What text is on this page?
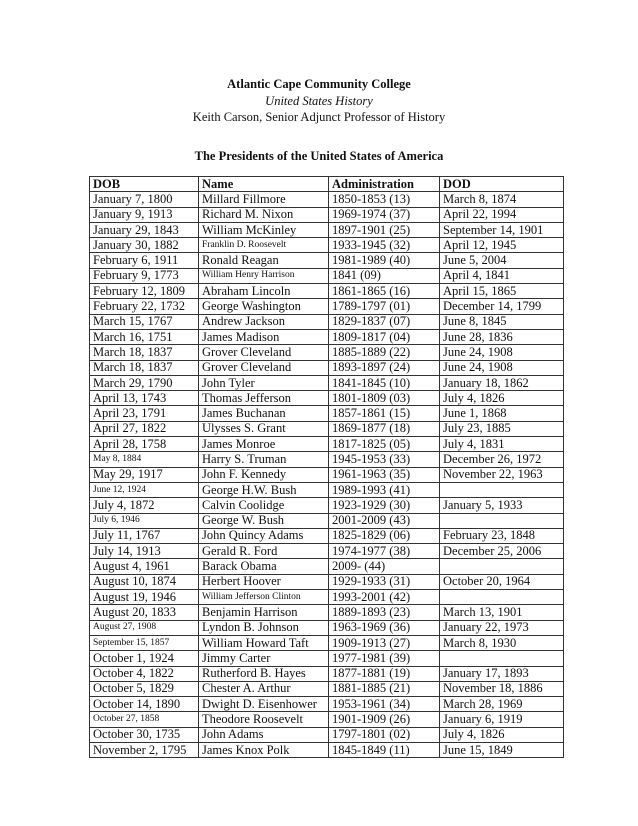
Atlantic Cape Community College
United States History
Keith Carson, Senior Adjunct Professor of History
The Presidents of the United States of America
DOB	Name	Administration	DOD
January 7, 1800	Millard Fillmore	1850-1853 (13)	March 8, 1874
January 9, 1913	Richard M. Nixon	1969-1974 (37)	April 22, 1994
January 29, 1843	William McKinley	1897-1901 (25)	September 14, 1901
January 30, 1882	Franklin D. Roosevelt	1933-1945 (32)	April 12, 1945
February 6, 1911	Ronald Reagan	1981-1989 (40)	June 5, 2004
February 9, 1773	William Henry Harrison	1841 (09)	April 4, 1841
February 12, 1809	Abraham Lincoln	1861-1865 (16)	April 15, 1865
February 22, 1732	George Washington	1789-1797 (01)	December 14, 1799
March 15, 1767	Andrew Jackson	1829-1837 (07)	June 8, 1845
March 16, 1751	James Madison	1809-1817 (04)	June 28, 1836
March 18, 1837	Grover Cleveland	1885-1889 (22)	June 24, 1908
March 18, 1837	Grover Cleveland	1893-1897 (24)	June 24, 1908
March 29, 1790	John Tyler	1841-1845 (10)	January 18, 1862
April 13, 1743	Thomas Jefferson	1801-1809 (03)	July 4, 1826
April 23, 1791	James Buchanan	1857-1861 (15)	June 1, 1868
April 27, 1822	Ulysses S. Grant	1869-1877 (18)	July 23, 1885
April 28, 1758	James Monroe	1817-1825 (05)	July 4, 1831
May 8, 1884	Harry S. Truman	1945-1953 (33)	December 26, 1972
May 29, 1917	John F. Kennedy	1961-1963 (35)	November 22, 1963
June 12, 1924	George H.W. Bush	1989-1993 (41)	
July 4, 1872	Calvin Coolidge	1923-1929 (30)	January 5, 1933
July 6, 1946	George W. Bush	2001-2009 (43)	
July 11, 1767	John Quincy Adams	1825-1829 (06)	February 23, 1848
July 14, 1913	Gerald R. Ford	1974-1977 (38)	December 25, 2006
August 4, 1961	Barack Obama	2009- (44)	
August 10, 1874	Herbert Hoover	1929-1933 (31)	October 20, 1964
August 19, 1946	William Jefferson Clinton	1993-2001 (42)	
August 20, 1833	Benjamin Harrison	1889-1893 (23)	March 13, 1901
August 27, 1908	Lyndon B. Johnson	1963-1969 (36)	January 22, 1973
September 15, 1857	William Howard Taft	1909-1913 (27)	March 8, 1930
October 1, 1924	Jimmy Carter	1977-1981 (39)	
October 4, 1822	Rutherford B. Hayes	1877-1881 (19)	January 17, 1893
October 5, 1829	Chester A. Arthur	1881-1885 (21)	November 18, 1886
October 14, 1890	Dwight D. Eisenhower	1953-1961 (34)	March 28, 1969
October 27, 1858	Theodore Roosevelt	1901-1909 (26)	January 6, 1919
October 30, 1735	John Adams	1797-1801 (02)	July 4, 1826
November 2, 1795	James Knox Polk	1845-1849 (11)	June 15, 1849
